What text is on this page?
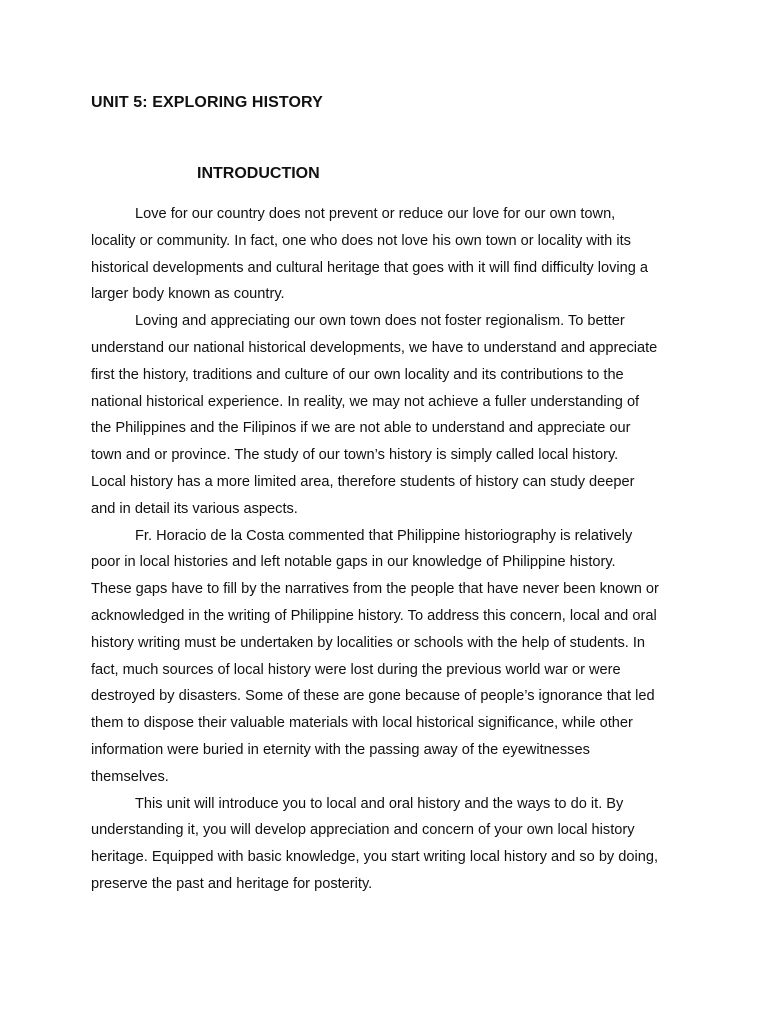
UNIT 5: EXPLORING HISTORY
INTRODUCTION

Love for our country does not prevent or reduce our love for our own town,
locality or community. In fact, one who does not love his own town or locality with its
historical developments and cultural heritage that goes with it will find difficulty loving a
larger body known as country.

Loving and appreciating our own town does not foster regionalism. To better
understand our national historical developments, we have to understand and appreciate
first the history, traditions and culture of our own locality and its contributions to the
national historical experience. In reality, we may not achieve a fuller understanding of
the Philippines and the Filipinos if we are not able to understand and appreciate our
town and or province. The study of our town’s history is simply called local history.
Local history has a more limited area, therefore students of history can study deeper
and in detail its various aspects.

Fr. Horacio de la Costa commented that Philippine historiography is relatively
poor in local histories and left notable gaps in our knowledge of Philippine history.
These gaps have to fill by the narratives from the people that have never been known or
acknowledged in the writing of Philippine history. To address this concern, local and oral
history writing must be undertaken by localities or schools with the help of students. In
fact, much sources of local history were lost during the previous world war or were
destroyed by disasters. Some of these are gone because of people’s ignorance that led
them to dispose their valuable materials with local historical significance, while other
information were buried in eternity with the passing away of the eyewitnesses
themselves.

This unit will introduce you to local and oral history and the ways to do it. By
understanding it, you will develop appreciation and concern of your own local history
heritage. Equipped with basic knowledge, you start writing local history and so by doing,
preserve the past and heritage for posterity.
